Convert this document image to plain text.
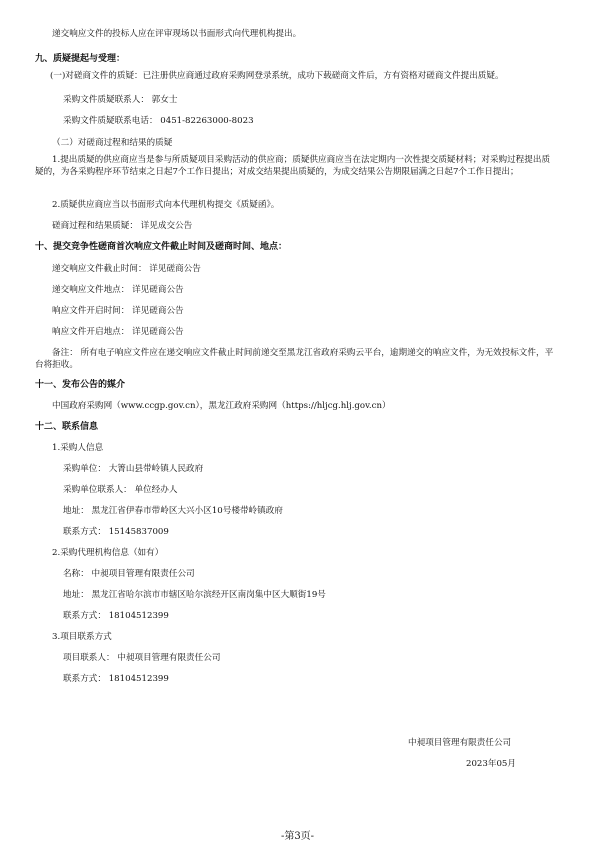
递交响应文件的投标人应在评审现场以书面形式向代理机构提出。
九、质疑提起与受理：
(一)对磋商文件的质疑：已注册供应商通过政府采购网登录系统，成功下载磋商文件后，方有资格对磋商文件提出质疑。
采购文件质疑联系人： 郭女士
采购文件质疑联系电话： 0451-82263000-8023
（二）对磋商过程和结果的质疑
1.提出质疑的供应商应当是参与所质疑项目采购活动的供应商；质疑供应商应当在法定期内一次性提交质疑材料；对采购过程提出质疑的，为各采购程序环节结束之日起7个工作日提出；对成交结果提出质疑的，为成交结果公告期限届满之日起7个工作日提出；
2.质疑供应商应当以书面形式向本代理机构提交《质疑函》。
磋商过程和结果质疑： 详见成交公告
十、提交竞争性磋商首次响应文件截止时间及磋商时间、地点：
递交响应文件截止时间： 详见磋商公告
递交响应文件地点： 详见磋商公告
响应文件开启时间： 详见磋商公告
响应文件开启地点： 详见磋商公告
备注： 所有电子响应文件应在递交响应文件截止时间前递交至黑龙江省政府采购云平台，逾期递交的响应文件，为无效投标文件，平台将拒收。
十一、发布公告的媒介
中国政府采购网（www.ccgp.gov.cn），黑龙江政府采购网（https://hljcg.hlj.gov.cn）
十二、联系信息
1.采购人信息
采购单位： 大箐山县带岭镇人民政府
采购单位联系人： 单位经办人
地址： 黑龙江省伊春市带岭区大兴小区10号楼带岭镇政府
联系方式： 15145837009
2.采购代理机构信息（如有）
名称： 中昶项目管理有限责任公司
地址： 黑龙江省哈尔滨市市辖区哈尔滨经开区南岗集中区大顺街19号
联系方式： 18104512399
3.项目联系方式
项目联系人： 中昶项目管理有限责任公司
联系方式： 18104512399
中昶项目管理有限责任公司
2023年05月
-第3页-
